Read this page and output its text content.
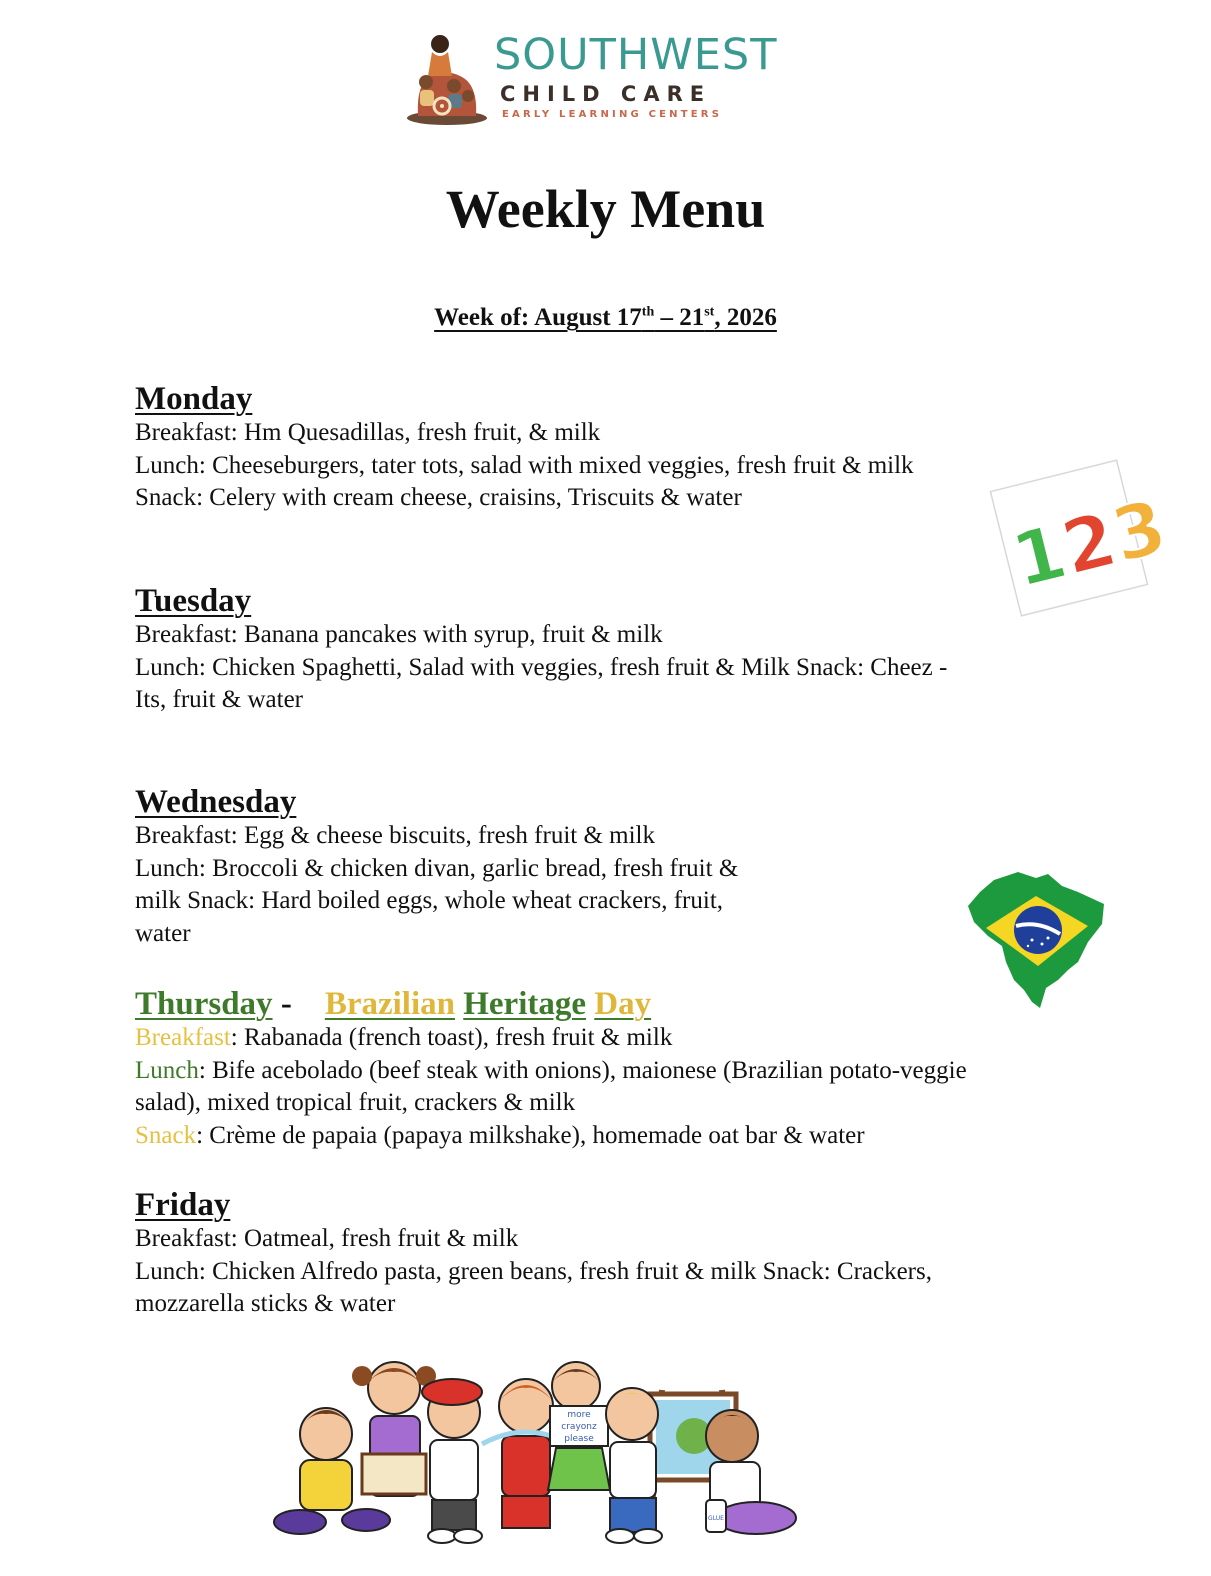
SOUTHWEST
CHILD CARE
EARLY LEARNING CENTERS
Weekly Menu
Week of: August 17th – 21st, 2026
Monday

Breakfast: Hm Quesadillas, fresh fruit, & milk

Lunch: Cheeseburgers, tater tots, salad with mixed veggies, fresh fruit & milk

Snack: Celery with cream cheese, craisins, Triscuits & water

Tuesday

Breakfast: Banana pancakes with syrup, fruit & milk

Lunch: Chicken Spaghetti, Salad with veggies, fresh fruit & Milk Snack: Cheez -

Its, fruit & water

Wednesday

Breakfast: Egg & cheese biscuits, fresh fruit & milk

Lunch: Broccoli & chicken divan, garlic bread, fresh fruit &

milk Snack: Hard boiled eggs, whole wheat crackers, fruit,

water

Thursday -    Brazilian Heritage Day

Breakfast: Rabanada (french toast), fresh fruit & milk

Lunch: Bife acebolado (beef steak with onions), maionese (Brazilian potato-veggie

salad), mixed tropical fruit, crackers & milk

Snack: Crème de papaia (papaya milkshake), homemade oat bar & water

Friday

Breakfast: Oatmeal, fresh fruit & milk

Lunch: Chicken Alfredo pasta, green beans, fresh fruit & milk Snack: Crackers,

mozzarella sticks & water

123
more
crayonz
please
GLUE
